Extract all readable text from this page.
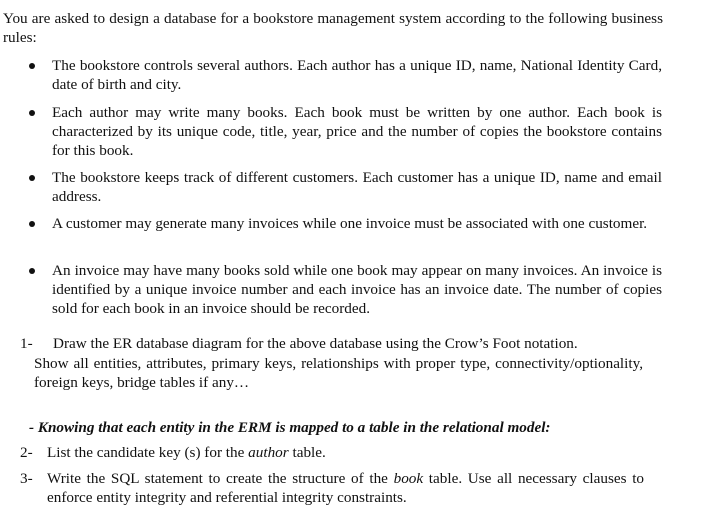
You are asked to design a database for a bookstore management system according to the following business rules:
The bookstore controls several authors. Each author has a unique ID, name, National Identity Card, date of birth and city.
Each author may write many books. Each book must be written by one author. Each book is characterized by its unique code, title, year, price and the number of copies the bookstore contains for this book.
The bookstore keeps track of different customers. Each customer has a unique ID, name and email address.
A customer may generate many invoices while one invoice must be associated with one customer.
An invoice may have many books sold while one book may appear on many invoices. An invoice is identified by a unique invoice number and each invoice has an invoice date. The number of copies sold for each book in an invoice should be recorded.
1- Draw the ER database diagram for the above database using the Crow’s Foot notation.
Show all entities, attributes, primary keys, relationships with proper type, connectivity/optionality, foreign keys, bridge tables if any…
- Knowing that each entity in the ERM is mapped to a table in the relational model:
2- List the candidate key (s) for the author table.
3- Write the SQL statement to create the structure of the book table. Use all necessary clauses to enforce entity integrity and referential integrity constraints.
